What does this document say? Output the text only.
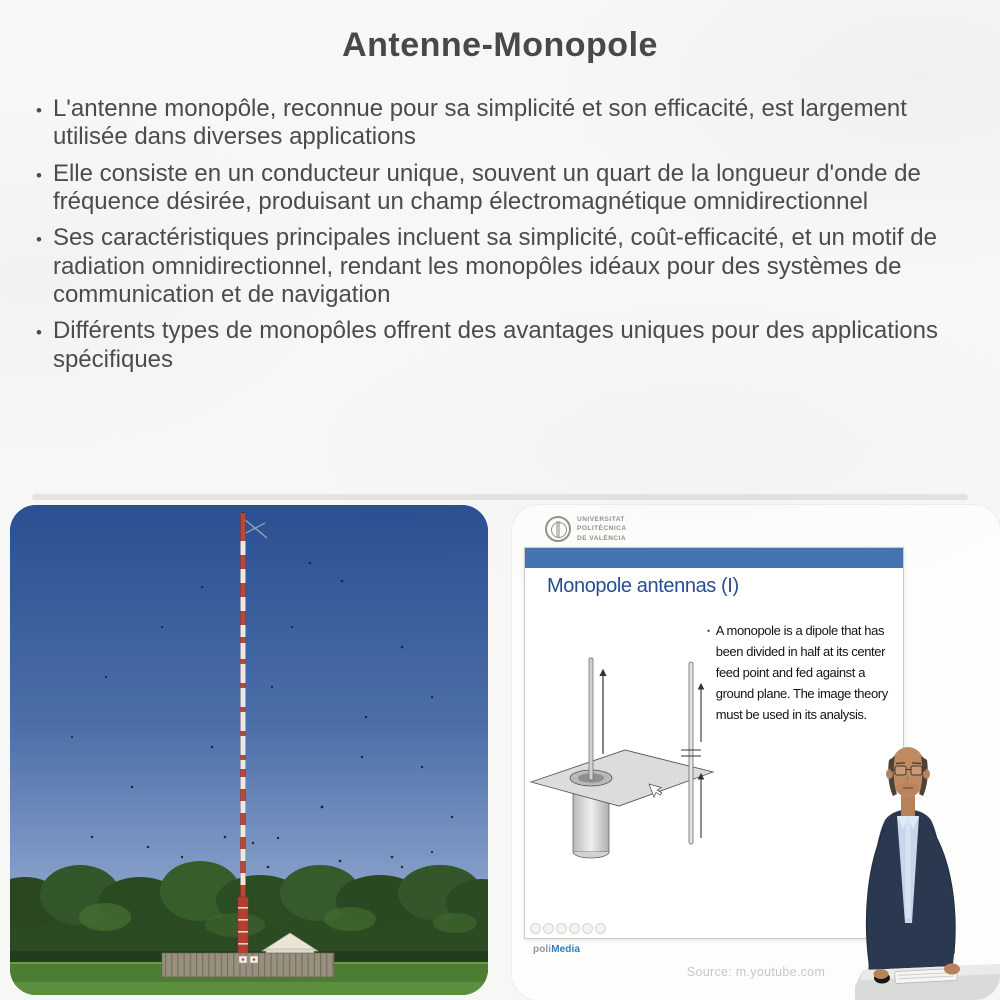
Antenne-Monopole
• L'antenne monopôle, reconnue pour sa simplicité et son efficacité, est largement utilisée dans diverses applications
• Elle consiste en un conducteur unique, souvent un quart de la longueur d'onde de fréquence désirée, produisant un champ électromagnétique omnidirectionnel
• Ses caractéristiques principales incluent sa simplicité, coût-efficacité, et un motif de radiation omnidirectionnel, rendant les monopôles idéaux pour des systèmes de communication et de navigation
• Différents types de monopôles offrent des avantages uniques pour des applications spécifiques
UNIVERSITAT
POLITÈCNICA
DE VALÈNCIA
Monopole antennas (I)
• A monopole is a dipole that has been divided in half at its center feed point and fed against a ground plane. The image theory must be used in its analysis.
poliMedia
Source: m.youtube.com
